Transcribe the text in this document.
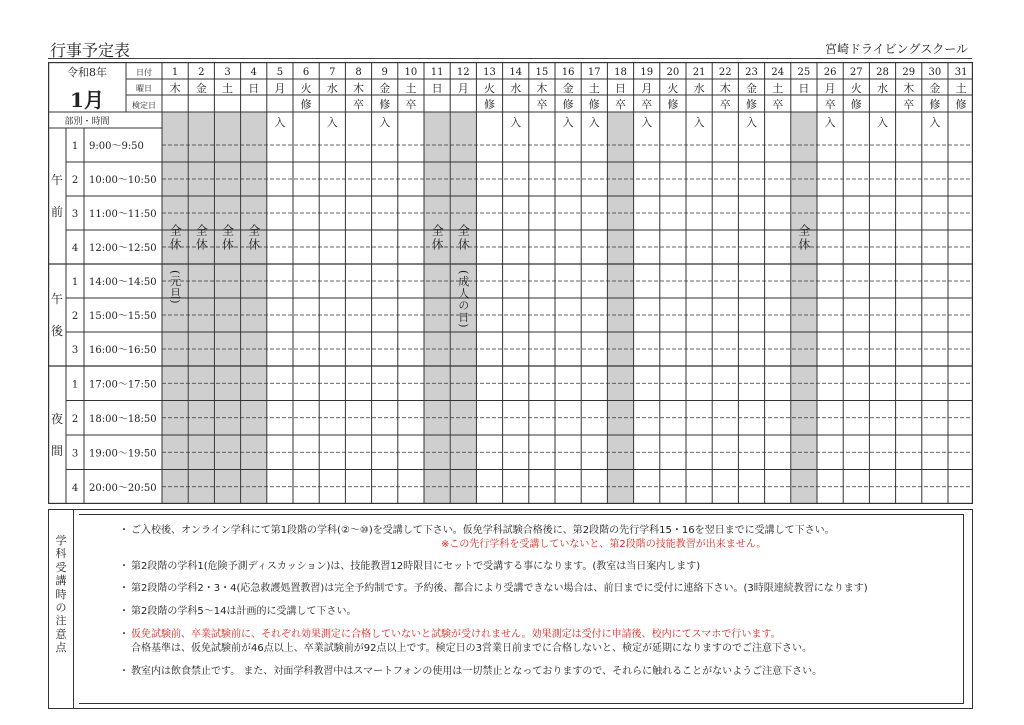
行事予定表	宮崎ドライビングスクール
午
前
1 9:00〜9:50
2 10:00〜10:50
3 11:00〜11:50
4 12:00〜12:50
午
後
1 14:00〜14:50
2 15:00〜15:50
3 16:00〜16:50
夜
間
1 17:00〜17:50
2 18:00〜18:50
3 19:00〜19:50
4 20:00〜20:50
令和8年
1月
日付
曜日
検定日
部別・時間
1
木
2
金
3
土
4
日
5
月
入
6
火
修
7
水
入
8
木
卒
9
金
修
入
10
土
卒
11
日
12
月
13
火
修
14
水
入
15
木
卒
16
金
修
入
17
土
修
入
18
日
卒
19
月
卒
入
20
火
修
21
水
入
22
木
卒
23
金
修
入
24
土
卒
25
日
26
月
卒
入
27
火
修
28
水
入
29
木
卒
30
金
修
入
31
土
修
全休
(元旦)
全休 全休 全休	全休 全休
(成人の日)
全休
学科受講時の注意点
・ ご入校後、オンライン学科にて第1段階の学科(②〜⑩)を受講して下さい。仮免学科試験合格後に、第2段階の先行学科15・16を翌日までに受講して下さい。
※この先行学科を受講していないと、第2段階の技能教習が出来ません。
・ 第2段階の学科1(危険予測ディスカッション)は、技能教習12時限目にセットで受講する事になります。(教室は当日案内します)
・ 第2段階の学科2・3・4(応急救護処置教習)は完全予約制です。予約後、都合により受講できない場合は、前日までに受付に連絡下さい。(3時限連続教習になります)
・ 第2段階の学科5〜14は計画的に受講して下さい。
・ 仮免試験前、卒業試験前に、それぞれ効果測定に合格していないと試験が受けれません。効果測定は受付に申請後、校内にてスマホで行います。
合格基準は、仮免試験前が46点以上、卒業試験前が92点以上です。検定日の3営業日前までに合格しないと、検定が延期になりますのでご注意下さい。
・ 教室内は飲食禁止です。 また、対面学科教習中はスマートフォンの使用は一切禁止となっておりますので、それらに触れることがないようご注意下さい。
